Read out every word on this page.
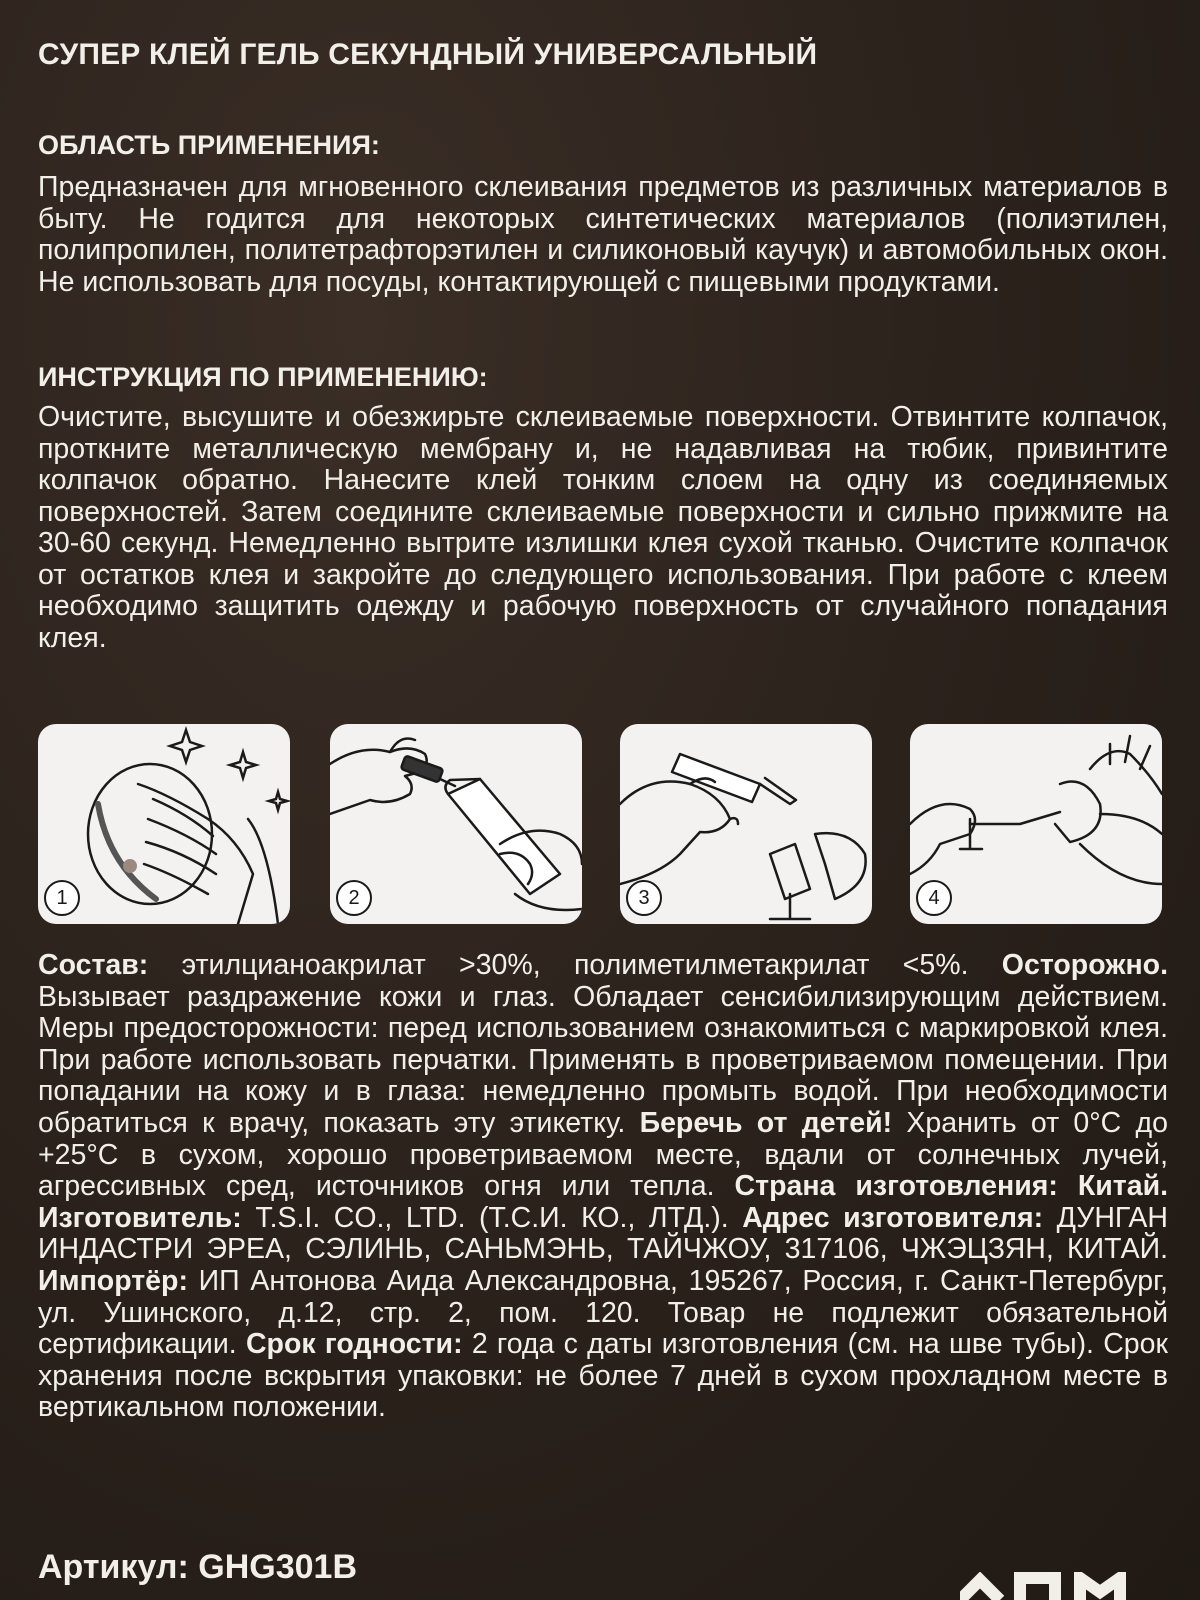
СУПЕР КЛЕЙ ГЕЛЬ СЕКУНДНЫЙ УНИВЕРСАЛЬНЫЙ
ОБЛАСТЬ ПРИМЕНЕНИЯ:
Предназначен для мгновенного склеивания предметов из различных материалов в быту. Не годится для некоторых синтетических материалов (полиэтилен, полипропилен, политетрафторэтилен и силиконовый каучук) и автомобильных окон. Не использовать для посуды, контактирующей с пищевыми продуктами.
ИНСТРУКЦИЯ ПО ПРИМЕНЕНИЮ:
Очистите, высушите и обезжирьте склеиваемые поверхности. Отвинтите колпачок, проткните металлическую мембрану и, не надавливая на тюбик, привинтите колпачок обратно. Нанесите клей тонким слоем на одну из соединяемых поверхностей. Затем соедините склеиваемые поверхности и сильно прижмите на 30-60 секунд. Немедленно вытрите излишки клея сухой тканью. Очистите колпачок от остатков клея и закройте до следующего использования. При работе с клеем необходимо защитить одежду и рабочую поверхность от случайного попадания клея.
1	2	3	4
Состав: этилцианоакрилат >30%, полиметилметакрилат <5%. Осторожно. Вызывает раздражение кожи и глаз. Обладает сенсибилизирующим действием. Меры предосторожности: перед использованием ознакомиться с маркировкой клея. При работе использовать перчатки. Применять в проветриваемом помещении. При попадании на кожу и в глаза: немедленно промыть водой. При необходимости обратиться к врачу, показать эту этикетку. Беречь от детей! Хранить от 0°C до +25°C в сухом, хорошо проветриваемом месте, вдали от солнечных лучей, агрессивных сред, источников огня или тепла. Страна изготовления: Китай. Изготовитель: T.S.I. CO., LTD. (Т.С.И. КО., ЛТД.). Адрес изготовителя: ДУНГАН ИНДАСТРИ ЭРЕА, СЭЛИНЬ, САНЬМЭНЬ, ТАЙЧЖОУ, 317106, ЧЖЭЦЗЯН, КИТАЙ. Импортёр: ИП Антонова Аида Александровна, 195267, Россия, г. Санкт-Петербург, ул. Ушинского, д.12, стр. 2, пом. 120. Товар не подлежит обязательной сертификации. Срок годности: 2 года с даты изготовления (см. на шве тубы). Срок хранения после вскрытия упаковки: не более 7 дней в сухом прохладном месте в вертикальном положении.
Артикул: GHG301B
